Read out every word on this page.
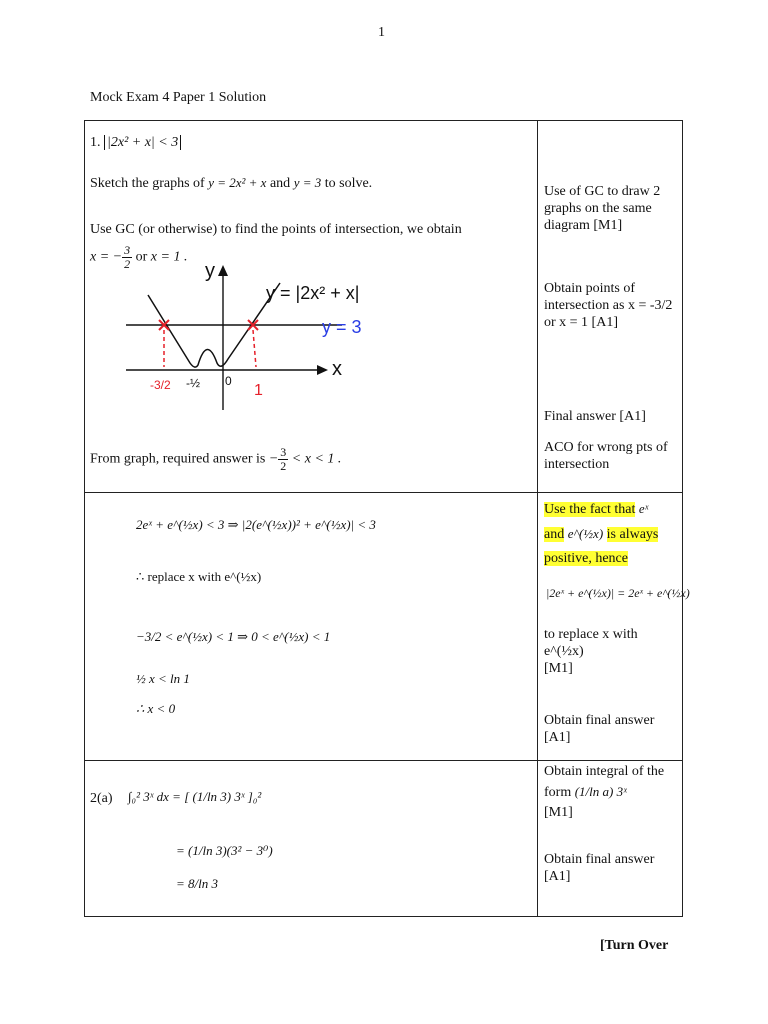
1
Mock Exam 4 Paper 1 Solution
1. |2x² + x| < 3
Sketch the graphs of y = 2x² + x and y = 3 to solve.
Use GC (or otherwise) to find the points of intersection, we obtain
x = − $\frac{3}{2}$ or x = 1 .
y
x
y = |2x² + x|
y = 3
0
-½
-3/2	1
From graph, required answer is − $\frac{3}{2} < x < 1$ .
Use of GC to draw 2 graphs on the same diagram [M1]
Obtain points of intersection as x = -3/2 or x = 1 [A1]
Final answer [A1]
ACO for wrong pts of intersection
2eˣ + e^(½x) < 3 ⇒ |2(e^(½x))² + e^(½x)| < 3
∴ replace x with e^(½x)
−3/2 < e^(½x) < 1 ⇒ 0 < e^(½x) < 1
½ x < ln 1
∴ x < 0
Use the fact that eˣ
and e^(½x) is always
positive, hence
|2eˣ + e^(½x)| = 2eˣ + e^(½x)
to replace x with e^(½x)
[M1]
Obtain final answer [A1]
2(a) ∫₀² 3ˣ dx = [ (1/ln 3) 3ˣ ]₀²
= (1/ln 3)(3² − 3⁰)
= 8/ln 3
Obtain integral of the
form (1/ln a) 3ˣ
[M1]
Obtain final answer [A1]
[Turn Over
